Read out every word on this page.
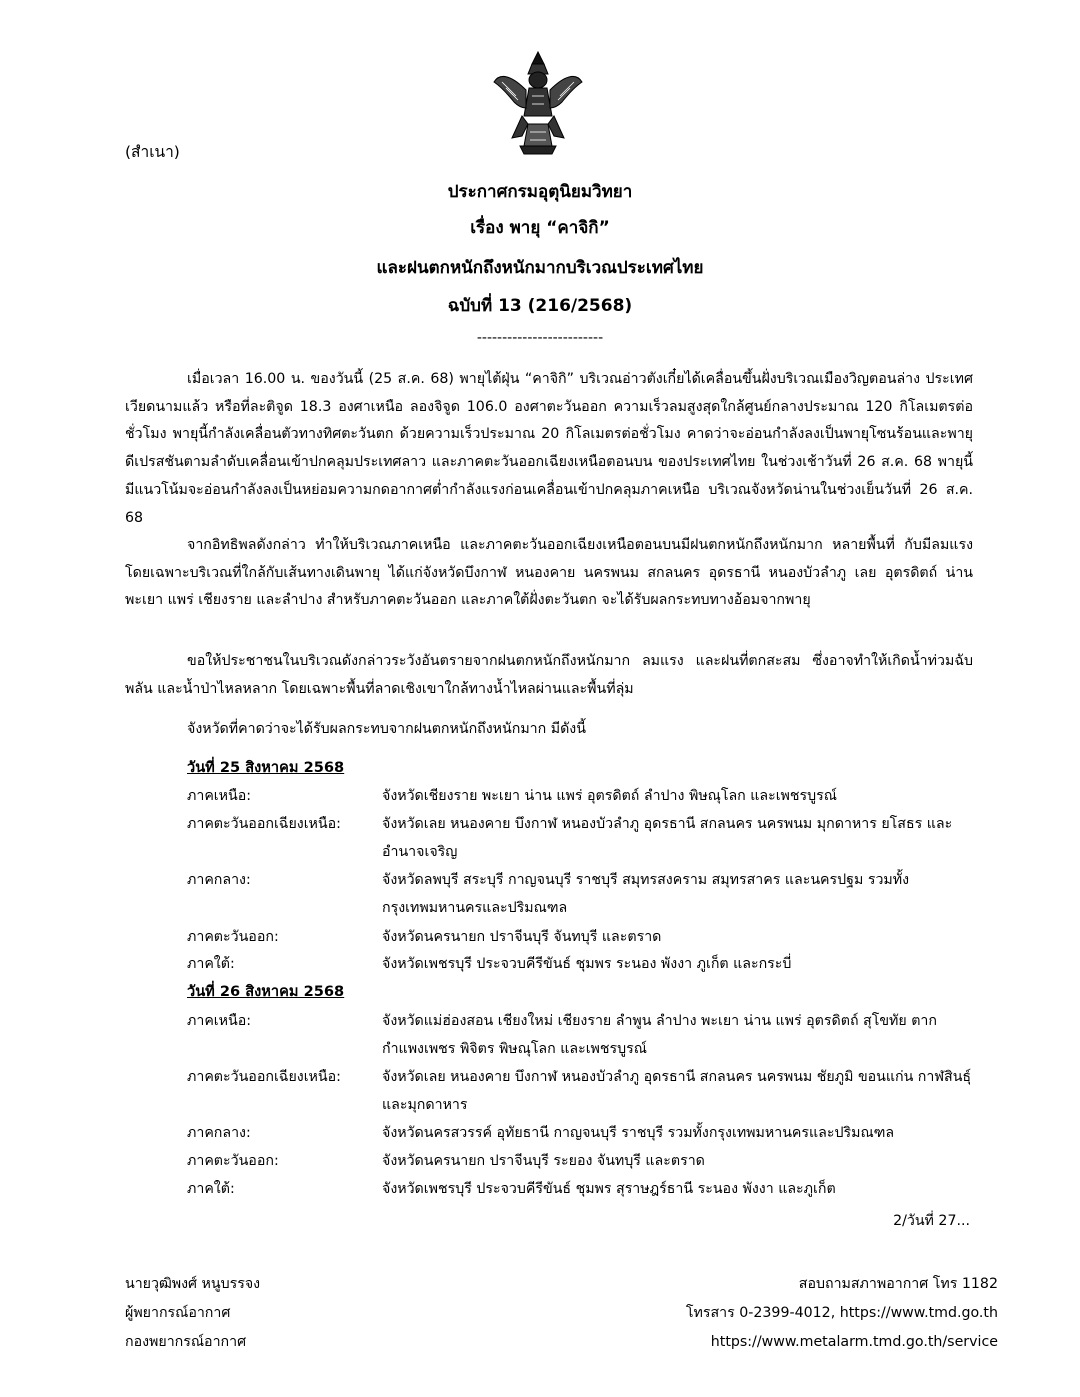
(สำเนา)
ประกาศกรมอุตุนิยมวิทยา
เรื่อง พายุ “คาจิกิ”
และฝนตกหนักถึงหนักมากบริเวณประเทศไทย
ฉบับที่ 13 (216/2568)
-------------------------

เมื่อเวลา 16.00 น. ของวันนี้ (25 ส.ค. 68) พายุไต้ฝุ่น “คาจิกิ” บริเวณอ่าวตังเกี๋ยได้เคลื่อนขึ้นฝั่งบริเวณเมืองวิญตอนล่าง ประเทศเวียดนามแล้ว หรือที่ละติจูด 18.3 องศาเหนือ ลองจิจูด 106.0 องศาตะวันออก ความเร็วลมสูงสุดใกล้ศูนย์กลางประมาณ 120 กิโลเมตรต่อชั่วโมง พายุนี้กำลังเคลื่อนตัวทางทิศตะวันตก ด้วยความเร็วประมาณ 20 กิโลเมตรต่อชั่วโมง คาดว่าจะอ่อนกำลังลงเป็นพายุโซนร้อนและพายุดีเปรสชันตามลำดับเคลื่อนเข้าปกคลุมประเทศลาว และภาคตะวันออกเฉียงเหนือตอนบน ของประเทศไทย ในช่วงเช้าวันที่ 26 ส.ค. 68 พายุนี้มีแนวโน้มจะอ่อนกำลังลงเป็นหย่อมความกดอากาศต่ำกำลังแรงก่อนเคลื่อนเข้าปกคลุมภาคเหนือ บริเวณจังหวัดน่านในช่วงเย็นวันที่ 26 ส.ค. 68

จากอิทธิพลดังกล่าว ทำให้บริเวณภาคเหนือ และภาคตะวันออกเฉียงเหนือตอนบนมีฝนตกหนักถึงหนักมาก หลายพื้นที่ กับมีลมแรง โดยเฉพาะบริเวณที่ใกล้กับเส้นทางเดินพายุ ได้แก่จังหวัดบึงกาฬ หนองคาย นครพนม สกลนคร อุดรธานี หนองบัวลำภู เลย อุตรดิตถ์ น่าน พะเยา แพร่ เชียงราย และลำปาง สำหรับภาคตะวันออก และภาคใต้ฝั่งตะวันตก จะได้รับผลกระทบทางอ้อมจากพายุ

ขอให้ประชาชนในบริเวณดังกล่าวระวังอันตรายจากฝนตกหนักถึงหนักมาก ลมแรง และฝนที่ตกสะสม ซึ่งอาจทำให้เกิดน้ำท่วมฉับพลัน และน้ำป่าไหลหลาก โดยเฉพาะพื้นที่ลาดเชิงเขาใกล้ทางน้ำไหลผ่านและพื้นที่ลุ่ม

จังหวัดที่คาดว่าจะได้รับผลกระทบจากฝนตกหนักถึงหนักมาก มีดังนี้
วันที่ 25 สิงหาคม 2568
ภาคเหนือ:	จังหวัดเชียงราย พะเยา น่าน แพร่ อุตรดิตถ์ ลำปาง พิษณุโลก และเพชรบูรณ์
ภาคตะวันออกเฉียงเหนือ:	จังหวัดเลย หนองคาย บึงกาฬ หนองบัวลำภู อุดรธานี สกลนคร นครพนม มุกดาหาร ยโสธร และอำนาจเจริญ
ภาคกลาง:	จังหวัดลพบุรี สระบุรี กาญจนบุรี ราชบุรี สมุทรสงคราม สมุทรสาคร และนครปฐม รวมทั้งกรุงเทพมหานครและปริมณฑล
ภาคตะวันออก:	จังหวัดนครนายก ปราจีนบุรี จันทบุรี และตราด
ภาคใต้:	จังหวัดเพชรบุรี ประจวบคีรีขันธ์ ชุมพร ระนอง พังงา ภูเก็ต และกระบี่
วันที่ 26 สิงหาคม 2568
ภาคเหนือ:	จังหวัดแม่ฮ่องสอน เชียงใหม่ เชียงราย ลำพูน ลำปาง พะเยา น่าน แพร่ อุตรดิตถ์ สุโขทัย ตาก กำแพงเพชร พิจิตร พิษณุโลก และเพชรบูรณ์
ภาคตะวันออกเฉียงเหนือ:	จังหวัดเลย หนองคาย บึงกาฬ หนองบัวลำภู อุดรธานี สกลนคร นครพนม ชัยภูมิ ขอนแก่น กาฬสินธุ์ และมุกดาหาร
ภาคกลาง:	จังหวัดนครสวรรค์ อุทัยธานี กาญจนบุรี ราชบุรี รวมทั้งกรุงเทพมหานครและปริมณฑล
ภาคตะวันออก:	จังหวัดนครนายก ปราจีนบุรี ระยอง จันทบุรี และตราด
ภาคใต้:	จังหวัดเพชรบุรี ประจวบคีรีขันธ์ ชุมพร สุราษฎร์ธานี ระนอง พังงา และภูเก็ต
2/วันที่ 27...
นายวุฒิพงศ์ หนูบรรจง
ผู้พยากรณ์อากาศ
กองพยากรณ์อากาศ
สอบถามสภาพอากาศ โทร 1182
โทรสาร 0-2399-4012, https://www.tmd.go.th
https://www.metalarm.tmd.go.th/service
